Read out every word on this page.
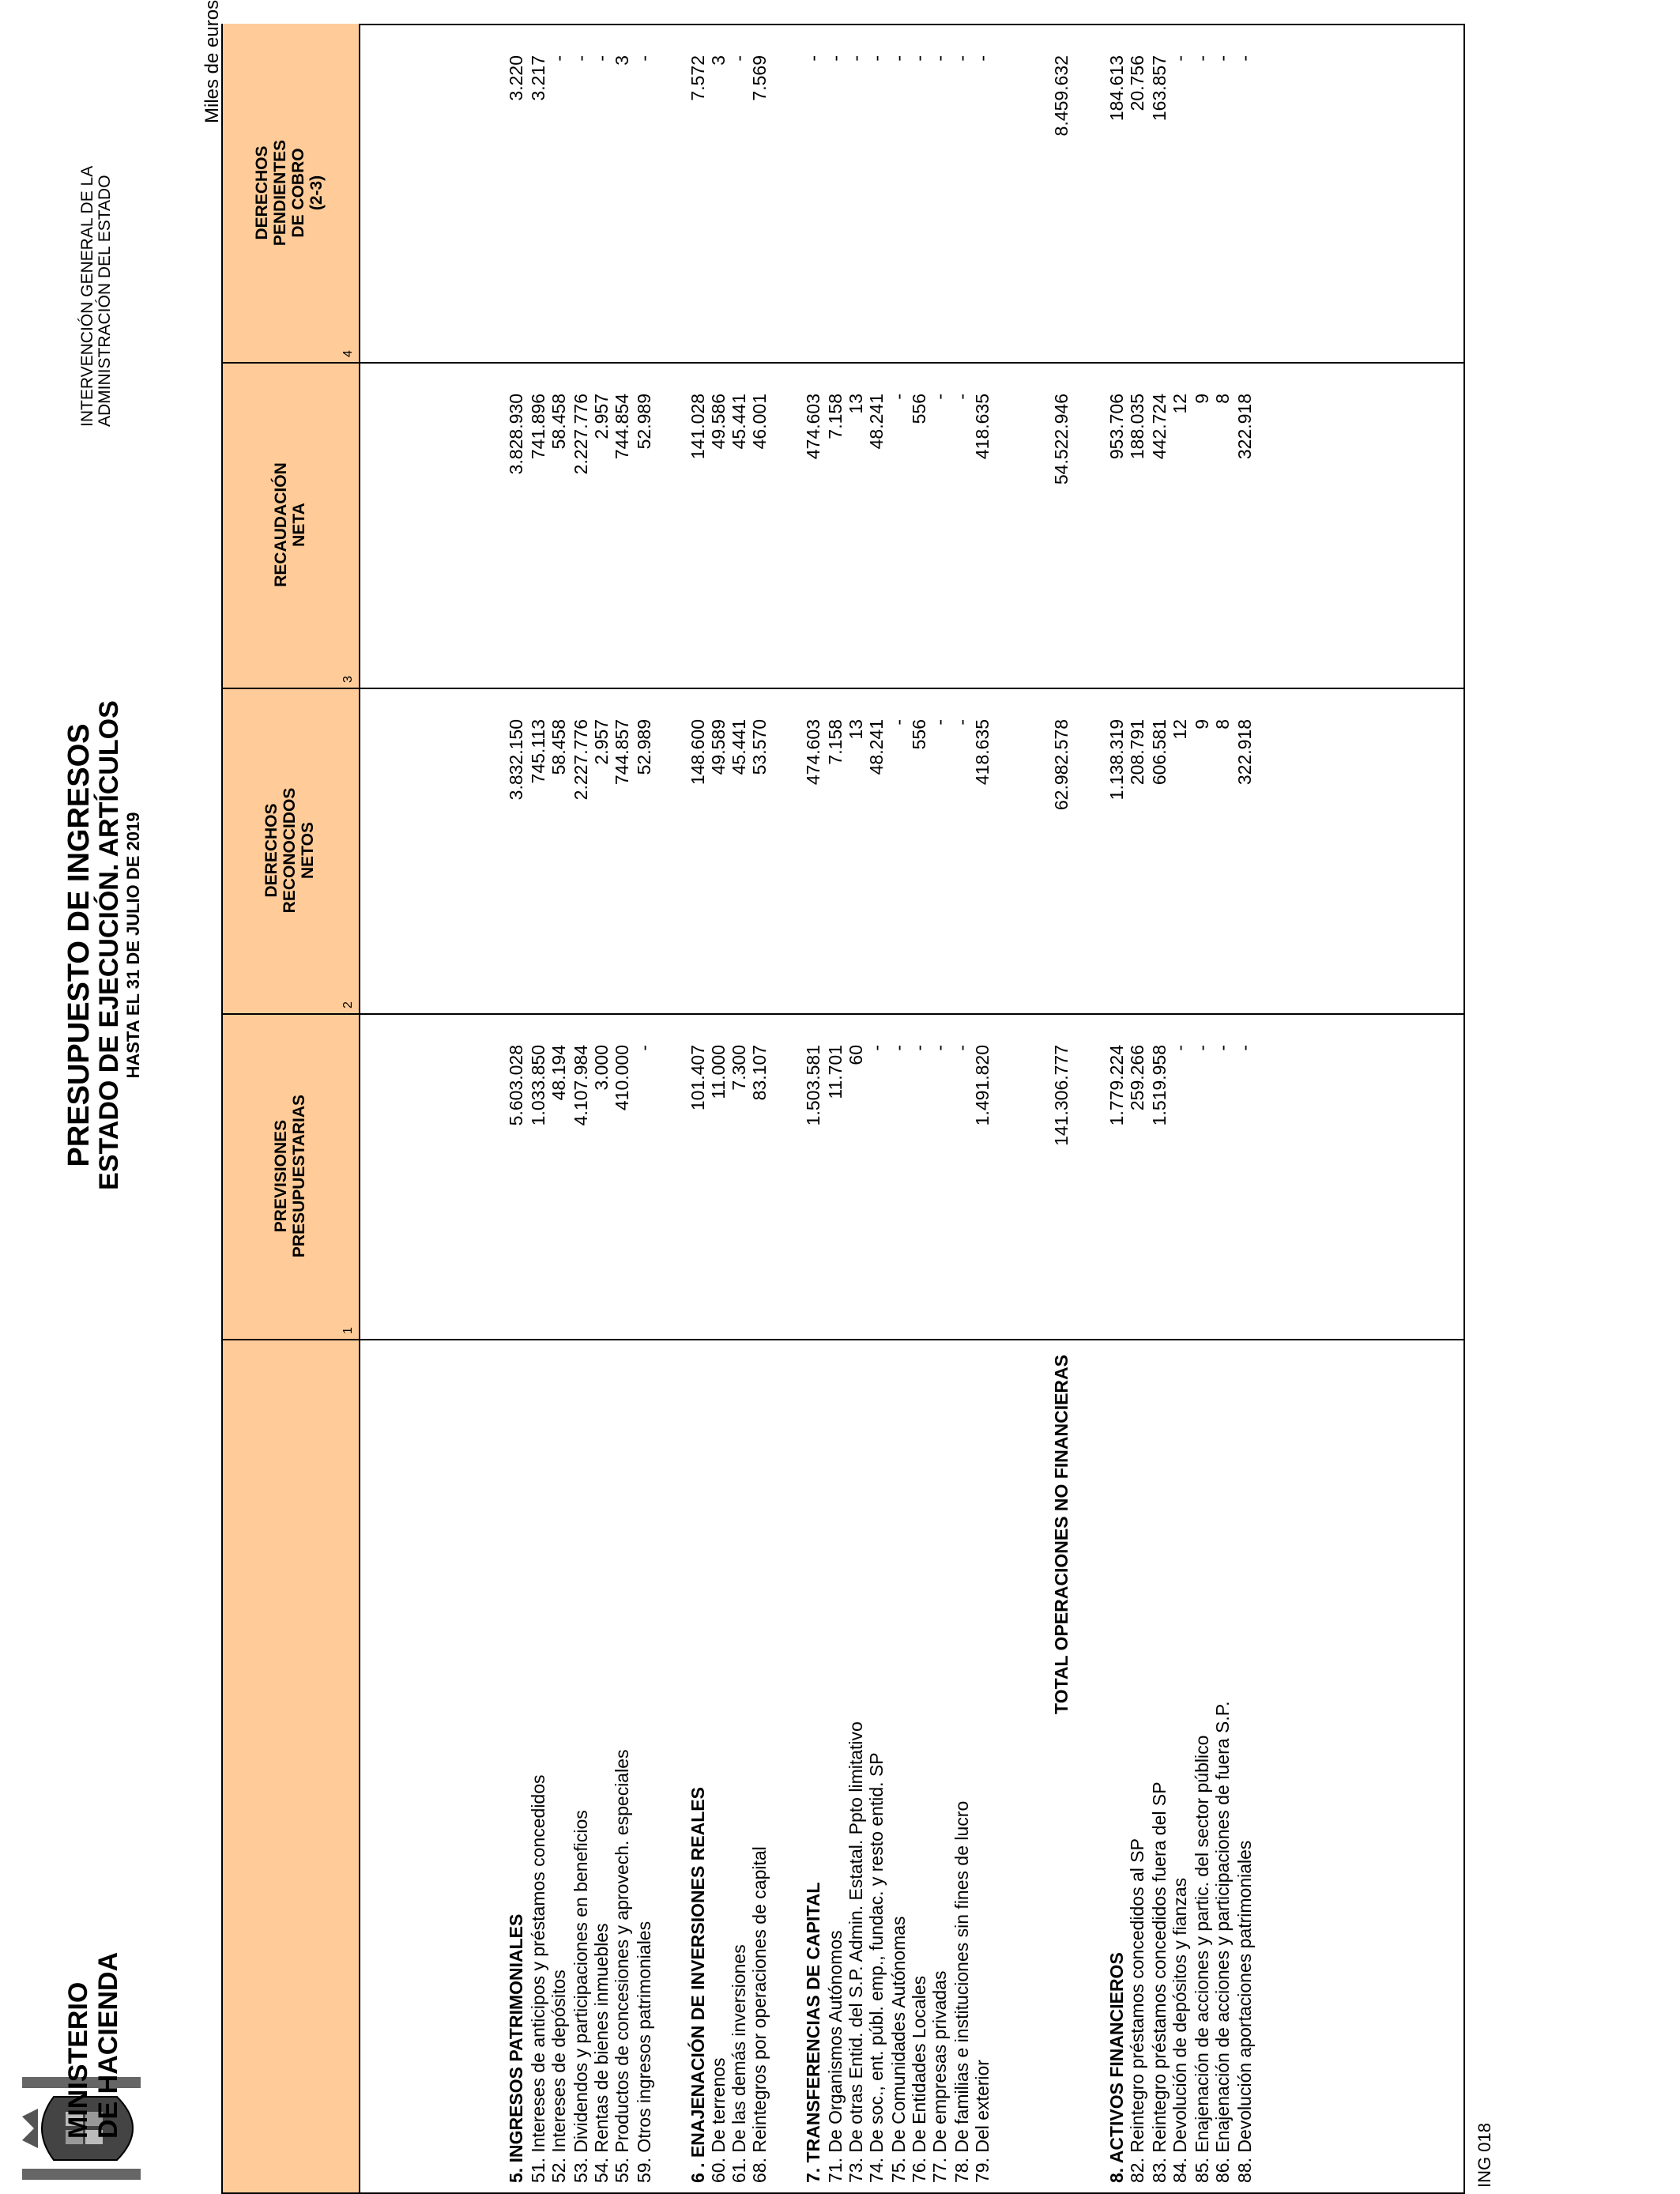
MINISTERIO DE HACIENDA
PRESUPUESTO DE INGRESOS
ESTADO DE EJECUCIÓN. ARTÍCULOS HASTA EL 31 DE JULIO DE 2019
INTERVENCIÓN GENERAL DE LA ADMINISTRACIÓN DEL ESTADO
Miles de euros
PREVISIONES
PRESUPUESTARIAS
1
DERECHOS
RECONOCIDOS
NETOS
2
RECAUDACIÓN
NETA
3
DERECHOS
PENDIENTES
DE COBRO
(2-3)
4
5. INGRESOS PATRIMONIALES
5.603.028
3.832.150
3.828.930
3.220
51. Intereses de anticipos y préstamos concedidos
1.033.850
745.113
741.896
3.217
52. Intereses de depósitos
48.194
58.458
58.458
-
53. Dividendos y participaciones en beneficios
4.107.984
2.227.776
2.227.776
-
54. Rentas de bienes inmuebles
3.000
2.957
2.957
-
55. Productos de concesiones y aprovech. especiales
410.000
744.857
744.854
3
59. Otros ingresos patrimoniales
-
52.989
52.989
-
6 . ENAJENACIÓN DE INVERSIONES REALES
101.407
148.600
141.028
7.572
60. De terrenos
11.000
49.589
49.586
3
61. De las demás inversiones
7.300
45.441
45.441
-
68. Reintegros por operaciones de capital
83.107
53.570
46.001
7.569
7. TRANSFERENCIAS DE CAPITAL
1.503.581
474.603
474.603
-
71. De Organismos Autónomos
11.701
7.158
7.158
-
73. De otras Entid. del S.P. Admin. Estatal. Ppto limitativo
60
13
13
-
74. De soc., ent. públ. emp., fundac. y resto entid. SP
-
48.241
48.241
-
75. De Comunidades Autónomas
-
-
-
-
76. De Entidades Locales
-
556
556
-
77. De empresas privadas
-
-
-
-
78. De familias e instituciones sin fines de lucro
-
-
-
-
79. Del exterior
1.491.820
418.635
418.635
-
TOTAL OPERACIONES NO FINANCIERAS
141.306.777
62.982.578
54.522.946
8.459.632
8. ACTIVOS FINANCIEROS
1.779.224
1.138.319
953.706
184.613
82. Reintegro préstamos concedidos al SP
259.266
208.791
188.035
20.756
83. Reintegro préstamos concedidos fuera del SP
1.519.958
606.581
442.724
163.857
84. Devolución de depósitos y fianzas
-
12
12
-
85. Enajenación de acciones y partic. del sector público
-
9
9
-
86. Enajenación de acciones y participaciones de fuera S.P.
-
8
8
-
88. Devolución aportaciones patrimoniales
-
322.918
322.918
-
ING 018
